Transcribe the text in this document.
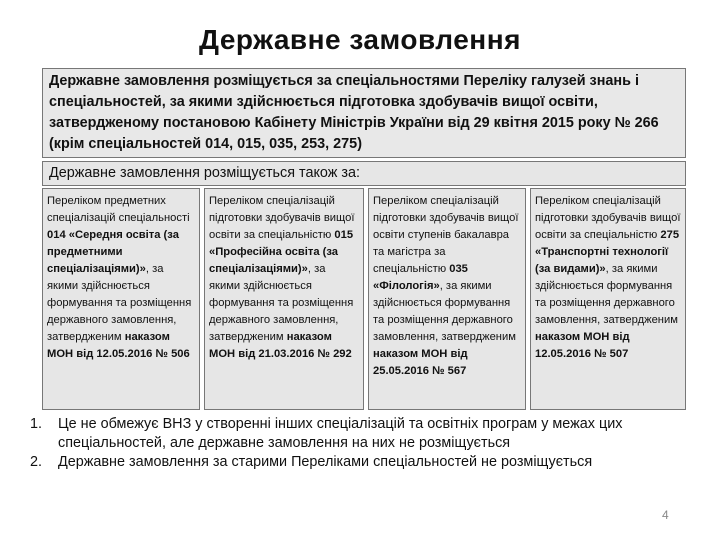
Державне замовлення
Державне замовлення розміщується за спеціальностями Переліку галузей знань і спеціальностей, за якими здійснюється підготовка здобувачів вищої освіти, затвердженому постановою Кабінету Міністрів України від 29 квітня 2015 року № 266 (крім спеціальностей 014, 015, 035, 253, 275)
Державне замовлення розміщується також за:
Переліком предметних спеціалізацій спеціальності 014 «Середня освіта (за предметними спеціалізаціями)», за якими здійснюється формування та розміщення державного замовлення, затвердженим наказом МОН від 12.05.2016 № 506
Переліком спеціалізацій підготовки здобувачів вищої освіти за спеціальністю 015 «Професійна освіта (за спеціалізаціями)», за якими здійснюється формування та розміщення державного замовлення, затвердженим наказом МОН від 21.03.2016 № 292
Переліком спеціалізацій підготовки здобувачів вищої освіти ступенів бакалавра та магістра за спеціальністю 035 «Філологія», за якими здійснюється формування та розміщення державного замовлення, затвердженим наказом МОН від 25.05.2016 № 567
Переліком спеціалізацій підготовки здобувачів вищої освіти за спеціальністю 275 «Транспортні технології (за видами)», за якими здійснюється формування та розміщення державного замовлення, затвердженим наказом МОН від 12.05.2016 № 507
1. Це не обмежує ВНЗ у створенні інших спеціалізацій та освітніх програм у межах цих спеціальностей, але державне замовлення на них не розміщується
2. Державне замовлення за старими Переліками спеціальностей не розміщується
4
